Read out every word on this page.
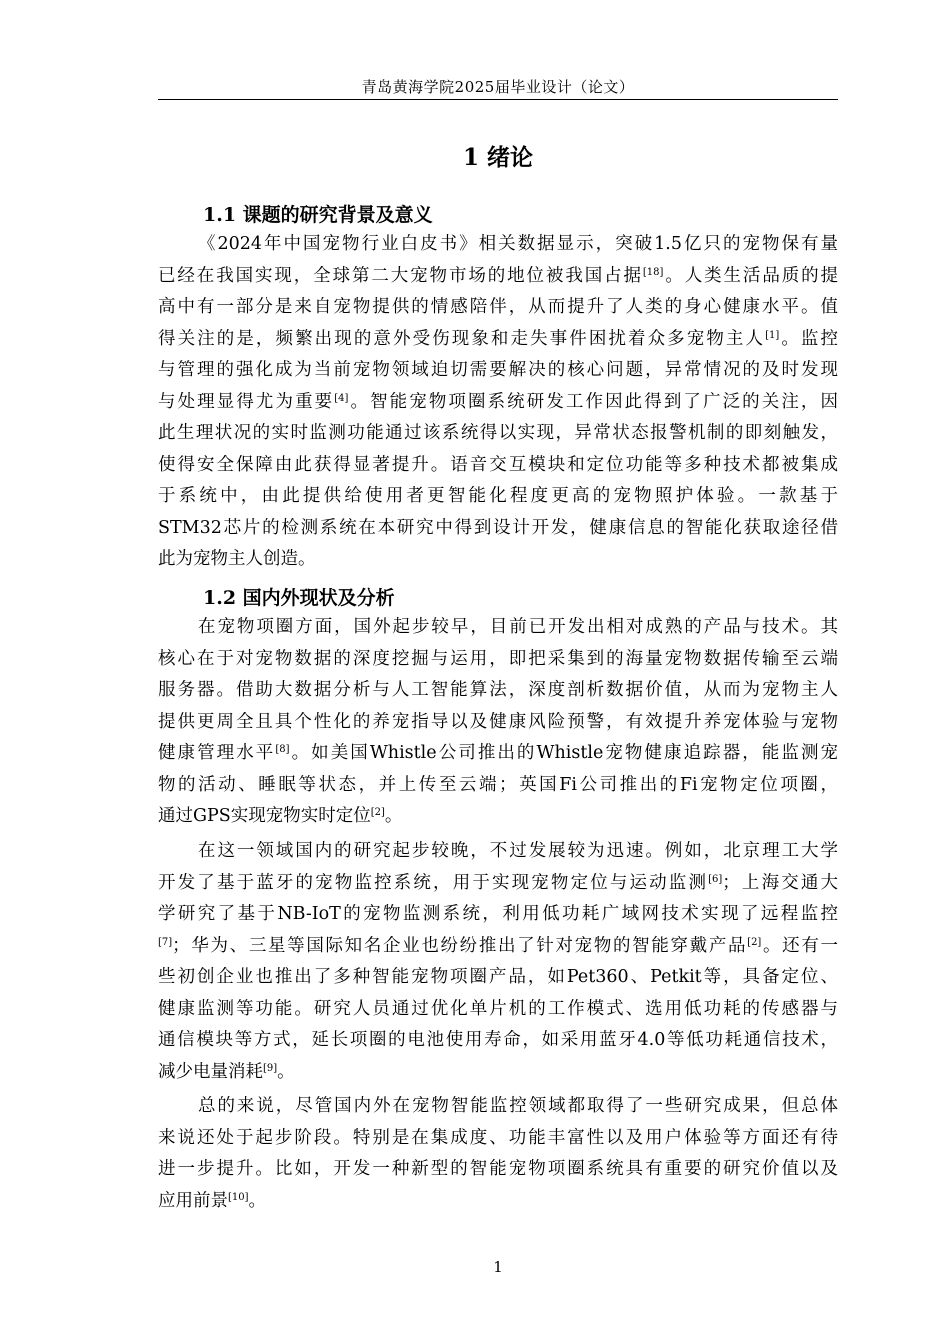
青岛黄海学院2025届毕业设计（论文）
1 绪论
1.1 课题的研究背景及意义
《2024年中国宠物行业白皮书》相关数据显示，突破1.5亿只的宠物保有量
已经在我国实现，全球第二大宠物市场的地位被我国占据[18]。人类生活品质的提
高中有一部分是来自宠物提供的情感陪伴，从而提升了人类的身心健康水平。值
得关注的是，频繁出现的意外受伤现象和走失事件困扰着众多宠物主人[1]。监控
与管理的强化成为当前宠物领域迫切需要解决的核心问题，异常情况的及时发现
与处理显得尤为重要[4]。智能宠物项圈系统研发工作因此得到了广泛的关注，因
此生理状况的实时监测功能通过该系统得以实现，异常状态报警机制的即刻触发，
使得安全保障由此获得显著提升。语音交互模块和定位功能等多种技术都被集成
于系统中，由此提供给使用者更智能化程度更高的宠物照护体验。一款基于
STM32芯片的检测系统在本研究中得到设计开发，健康信息的智能化获取途径借
此为宠物主人创造。
1.2 国内外现状及分析
在宠物项圈方面，国外起步较早，目前已开发出相对成熟的产品与技术。其
核心在于对宠物数据的深度挖掘与运用，即把采集到的海量宠物数据传输至云端
服务器。借助大数据分析与人工智能算法，深度剖析数据价值，从而为宠物主人
提供更周全且具个性化的养宠指导以及健康风险预警，有效提升养宠体验与宠物
健康管理水平[8]。如美国Whistle公司推出的Whistle宠物健康追踪器，能监测宠
物的活动、睡眠等状态，并上传至云端；英国Fi公司推出的Fi宠物定位项圈，
通过GPS实现宠物实时定位[2]。
在这一领域国内的研究起步较晚，不过发展较为迅速。例如，北京理工大学
开发了基于蓝牙的宠物监控系统，用于实现宠物定位与运动监测[6]；上海交通大
学研究了基于NB-IoT的宠物监测系统，利用低功耗广域网技术实现了远程监控
[7]；华为、三星等国际知名企业也纷纷推出了针对宠物的智能穿戴产品[2]。还有一
些初创企业也推出了多种智能宠物项圈产品，如Pet360、Petkit等，具备定位、
健康监测等功能。研究人员通过优化单片机的工作模式、选用低功耗的传感器与
通信模块等方式，延长项圈的电池使用寿命，如采用蓝牙4.0等低功耗通信技术，
减少电量消耗[9]。
总的来说，尽管国内外在宠物智能监控领域都取得了一些研究成果，但总体
来说还处于起步阶段。特别是在集成度、功能丰富性以及用户体验等方面还有待
进一步提升。比如，开发一种新型的智能宠物项圈系统具有重要的研究价值以及
应用前景[10]。
1
